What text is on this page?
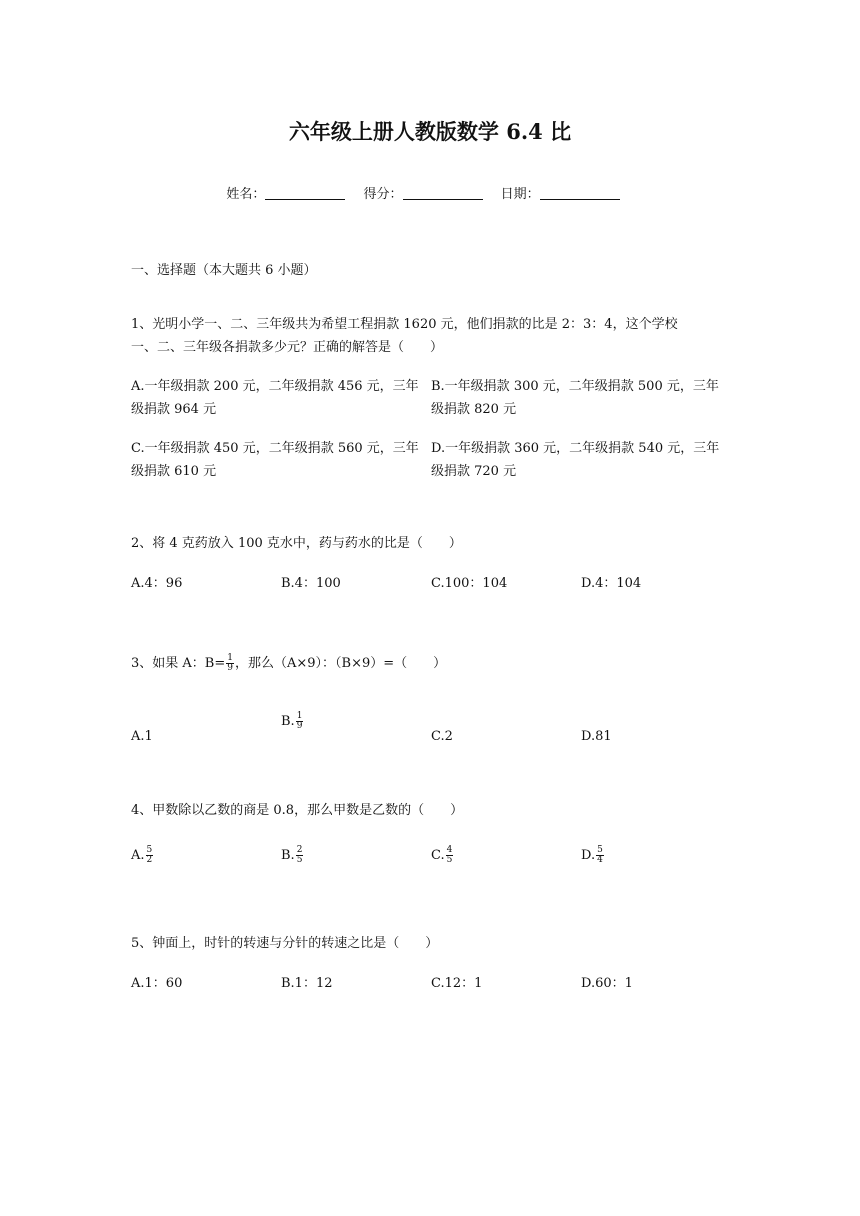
六年级上册人教版数学 6.4 比
姓名：	得分：	日期：
一、选择题（本大题共 6 小题）
1、光明小学一、二、三年级共为希望工程捐款 1620 元，他们捐款的比是 2：3：4，这个学校
一、二、三年级各捐款多少元？正确的解答是（　　）
A.一年级捐款 200 元，二年级捐款 456 元，三年
级捐款 964 元
B.一年级捐款 300 元，二年级捐款 500 元，三年
级捐款 820 元
C.一年级捐款 450 元，二年级捐款 560 元，三年
级捐款 610 元
D.一年级捐款 360 元，二年级捐款 540 元，三年
级捐款 720 元
2、将 4 克药放入 100 克水中，药与药水的比是（　　）
A.4：96	B.4：100	C.100：104	D.4：104
3、如果 A：$B= \frac{1}{9}$ ，那么（A×9）：（B×9）=（　　）
A.1
B. $\frac{1}{9}$
C.2	D.81
4、甲数除以乙数的商是 0.8，那么甲数是乙数的（　　）
A. $\frac{5}{2}$	B. $\frac{2}{5}$	C. $\frac{4}{5}$	D. $\frac{5}{4}$
5、钟面上，时针的转速与分针的转速之比是（　　）
A.1：60	B.1：12	C.12：1	D.60：1
